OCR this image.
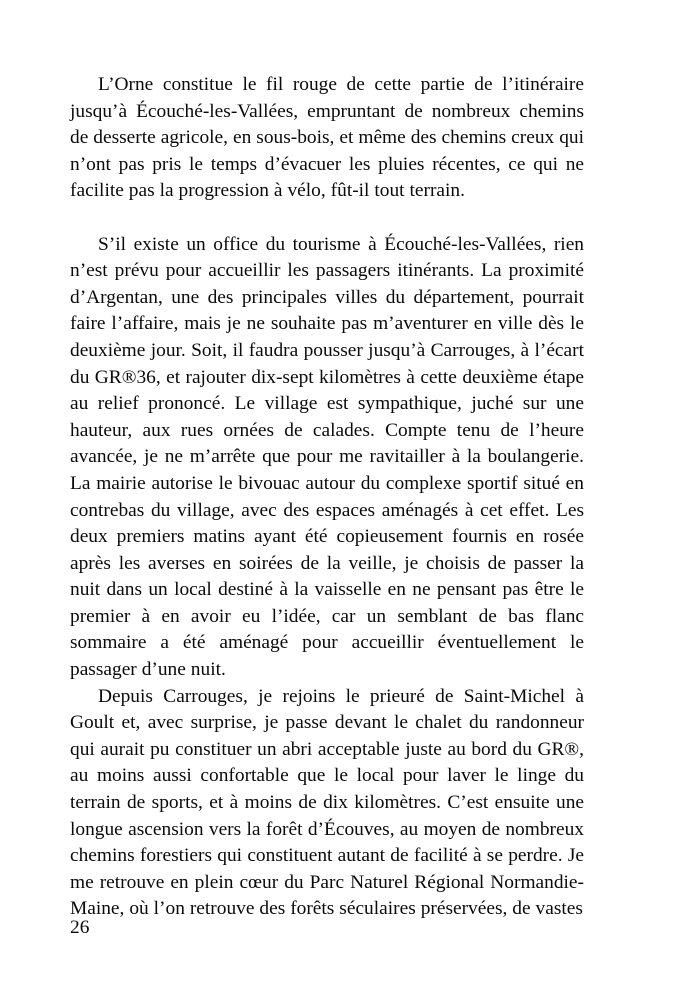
L’Orne constitue le fil rouge de cette partie de l’itinéraire jusqu’à Écouché-les-Vallées, empruntant de nombreux chemins de desserte agricole, en sous-bois, et même des chemins creux qui n’ont pas pris le temps d’évacuer les pluies récentes, ce qui ne facilite pas la progression à vélo, fût-il tout terrain.

S’il existe un office du tourisme à Écouché-les-Vallées, rien n’est prévu pour accueillir les passagers itinérants. La proximité d’Argentan, une des principales villes du département, pourrait faire l’affaire, mais je ne souhaite pas m’aventurer en ville dès le deuxième jour. Soit, il faudra pousser jusqu’à Carrouges, à l’écart du GR®36, et rajouter dix-sept kilomètres à cette deuxième étape au relief prononcé. Le village est sympathique, juché sur une hauteur, aux rues ornées de calades. Compte tenu de l’heure avancée, je ne m’arrête que pour me ravitailler à la boulangerie. La mairie autorise le bivouac autour du complexe sportif situé en contrebas du village, avec des espaces aménagés à cet effet. Les deux premiers matins ayant été copieusement fournis en rosée après les averses en soirées de la veille, je choisis de passer la nuit dans un local destiné à la vaisselle en ne pensant pas être le premier à en avoir eu l’idée, car un semblant de bas flanc sommaire a été aménagé pour accueillir éventuellement le passager d’une nuit.

Depuis Carrouges, je rejoins le prieuré de Saint-Michel à Goult et, avec surprise, je passe devant le chalet du randonneur qui aurait pu constituer un abri acceptable juste au bord du GR®, au moins aussi confortable que le local pour laver le linge du terrain de sports, et à moins de dix kilomètres. C’est ensuite une longue ascension vers la forêt d’Écouves, au moyen de nombreux chemins forestiers qui constituent autant de facilité à se perdre. Je me retrouve en plein cœur du Parc Naturel Régional Normandie-Maine, où l’on retrouve des forêts séculaires préservées, de vastes

26
